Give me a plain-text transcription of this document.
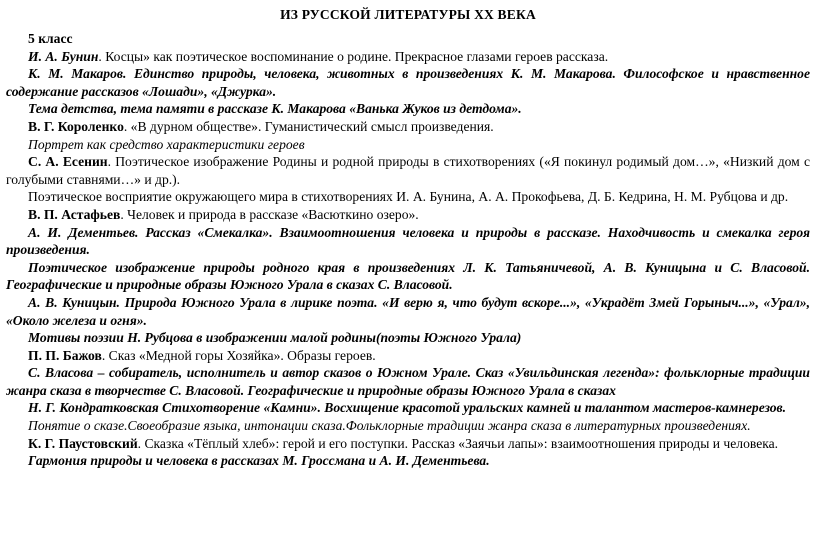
ИЗ РУССКОЙ ЛИТЕРАТУРЫ XX ВЕКА
5 класс

И. А. Бунин. Косцы» как поэтическое воспоминание о родине. Прекрасное глазами героев рассказа.

К. М. Макаров. Единство природы, человека, животных в произведениях К. М. Макарова. Философское и нравственное содержание рассказов «Лошади», «Джурка».

Тема детства, тема памяти в рассказе К. Макарова «Ванька Жуков из детдома».

В. Г. Короленко. «В дурном обществе». Гуманистический смысл произведения.

Портрет как средство характеристики героев

С. А. Есенин. Поэтическое изображение Родины и родной природы в стихотворениях («Я покинул родимый дом…», «Низкий дом с голубыми ставнями…» и др.).

Поэтическое восприятие окружающего мира в стихотворениях И. А. Бунина, А. А. Прокофьева, Д. Б. Кедрина, Н. М. Рубцова и др.

В. П. Астафьев. Человек и природа в рассказе «Васюткино озеро».

А. И. Дементьев. Рассказ «Смекалка». Взаимоотношения человека и природы в рассказе. Находчивость и смекалка героя произведения.

Поэтическое изображение природы родного края в произведениях Л. К. Татьяничевой, А. В. Куницына и С. Власовой. Географические и природные образы Южного Урала в сказах С. Власовой.

А. В. Куницын. Природа Южного Урала в лирике поэта. «И верю я, что будут вскоре...», «Украдёт Змей Горыныч...», «Урал», «Около железа и огня».

Мотивы поэзии Н. Рубцова в изображении малой родины(поэты Южного Урала)

П. П. Бажов. Сказ «Медной горы Хозяйка». Образы героев.

С. Власова – собиратель, исполнитель и автор сказов о Южном Урале. Сказ «Увильдинская легенда»: фольклорные традиции жанра сказа в творчестве С. Власовой. Географические и природные образы Южного Урала в сказах

Н. Г. Кондратковская Стихотворение «Камни». Восхищение красотой уральских камней и талантом мастеров-камнерезов.

Понятие о сказе.Своеобразие языка, интонации сказа.Фольклорные традиции жанра сказа в литературных произведениях.

К. Г. Паустовский. Сказка «Тёплый хлеб»: герой и его поступки. Рассказ «Заячьи лапы»: взаимоотношения природы и человека.

Гармония природы и человека в рассказах М. Гроссмана и А. И. Дементьева.
